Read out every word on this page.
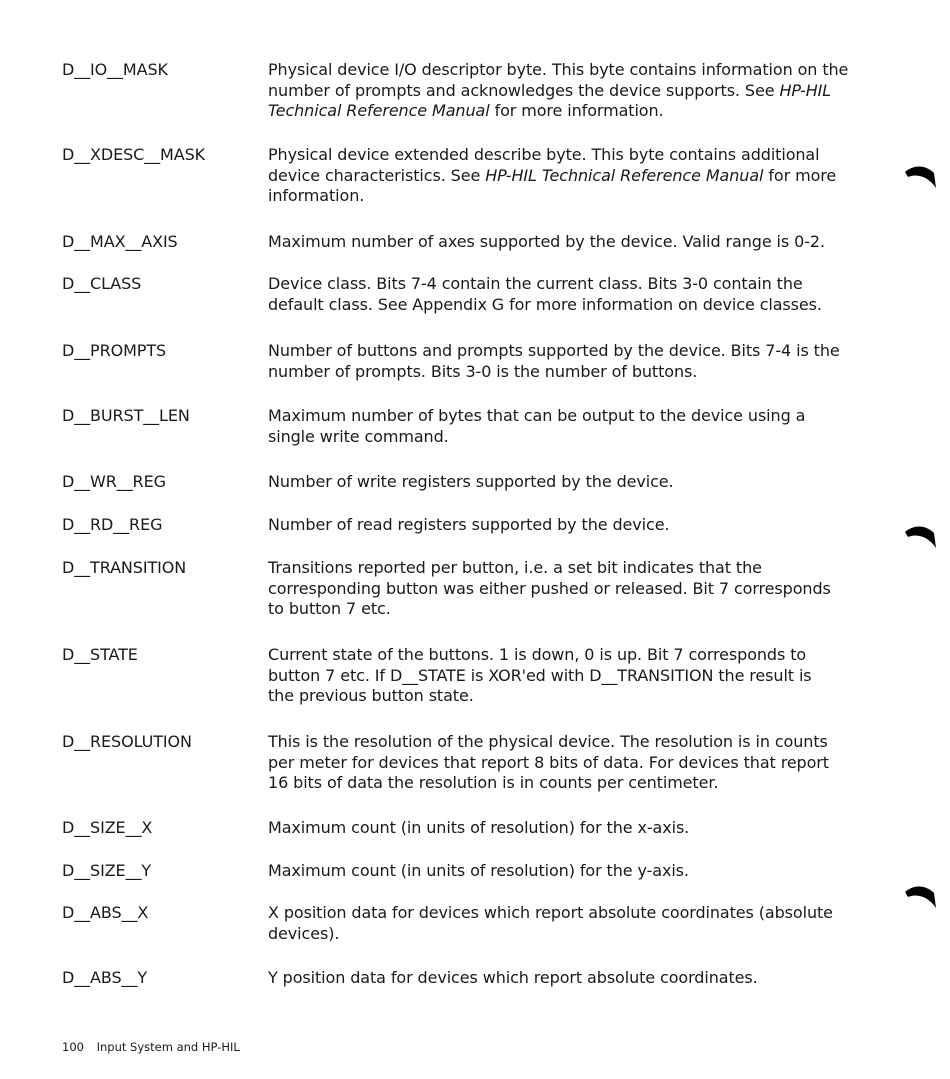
D__IO__MASK	Physical device I/O descriptor byte. This byte contains information on the
number of prompts and acknowledges the device supports. See HP-HIL
Technical Reference Manual for more information.
D__XDESC__MASK	Physical device extended describe byte. This byte contains additional
device characteristics. See HP-HIL Technical Reference Manual for more
information.
D__MAX__AXIS	Maximum number of axes supported by the device. Valid range is 0-2.
D__CLASS	Device class. Bits 7-4 contain the current class. Bits 3-0 contain the
default class. See Appendix G for more information on device classes.
D__PROMPTS	Number of buttons and prompts supported by the device. Bits 7-4 is the
number of prompts. Bits 3-0 is the number of buttons.
D__BURST__LEN	Maximum number of bytes that can be output to the device using a
single write command.
D__WR__REG	Number of write registers supported by the device.
D__RD__REG	Number of read registers supported by the device.
D__TRANSITION	Transitions reported per button, i.e. a set bit indicates that the
corresponding button was either pushed or released. Bit 7 corresponds
to button 7 etc.
D__STATE	Current state of the buttons. 1 is down, 0 is up. Bit 7 corresponds to
button 7 etc. If D__STATE is XOR'ed with D__TRANSITION the result is
the previous button state.
D__RESOLUTION	This is the resolution of the physical device. The resolution is in counts
per meter for devices that report 8 bits of data. For devices that report
16 bits of data the resolution is in counts per centimeter.
D__SIZE__X	Maximum count (in units of resolution) for the x-axis.
D__SIZE__Y	Maximum count (in units of resolution) for the y-axis.
D__ABS__X	X position data for devices which report absolute coordinates (absolute
devices).
D__ABS__Y	Y position data for devices which report absolute coordinates.
100 Input System and HP-HIL
